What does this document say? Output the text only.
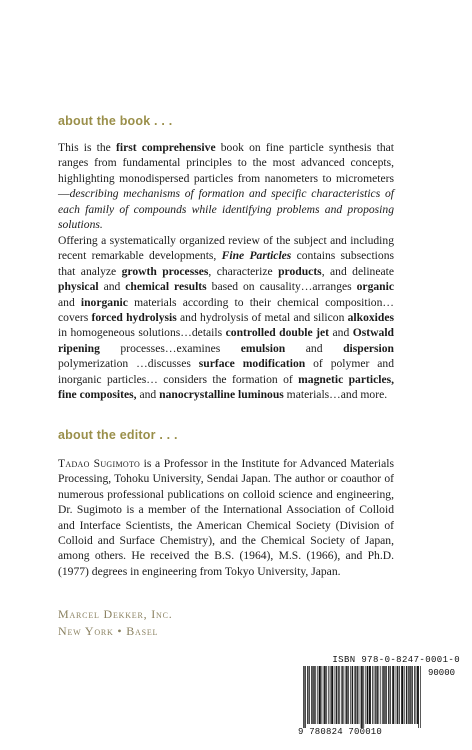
about the book . . .

This is the first comprehensive book on fine particle synthesis that ranges from fundamental principles to the most advanced concepts, highlighting monodispersed particles from nanometers to micrometers—describing mechanisms of formation and specific characteristics of each family of compounds while identifying problems and proposing solutions.

Offering a systematically organized review of the subject and including recent remarkable developments, Fine Particles contains subsections that analyze growth processes, characterize products, and delineate physical and chemical results based on causality…arranges organic and inorganic materials according to their chemical composition…covers forced hydrolysis and hydrolysis of metal and silicon alkoxides in homogeneous solutions…details controlled double jet and Ostwald ripening processes…examines emulsion and dispersion polymerization …discusses surface modification of polymer and inorganic particles… considers the formation of magnetic particles, fine composites, and nanocrystalline luminous materials…and more.

about the editor . . .

Tadao Sugimoto is a Professor in the Institute for Advanced Materials Processing, Tohoku University, Sendai Japan. The author or coauthor of numerous professional publications on colloid science and engineering, Dr. Sugimoto is a member of the International Association of Colloid and Interface Scientists, the American Chemical Society (Division of Colloid and Surface Chemistry), and the Chemical Society of Japan, among others. He received the B.S. (1964), M.S. (1966), and Ph.D. (1977) degrees in engineering from Tokyo University, Japan.

Marcel Dekker, Inc.
New York • Basel
ISBN 978-0-8247-0001-0
90000
9 780824 700010
